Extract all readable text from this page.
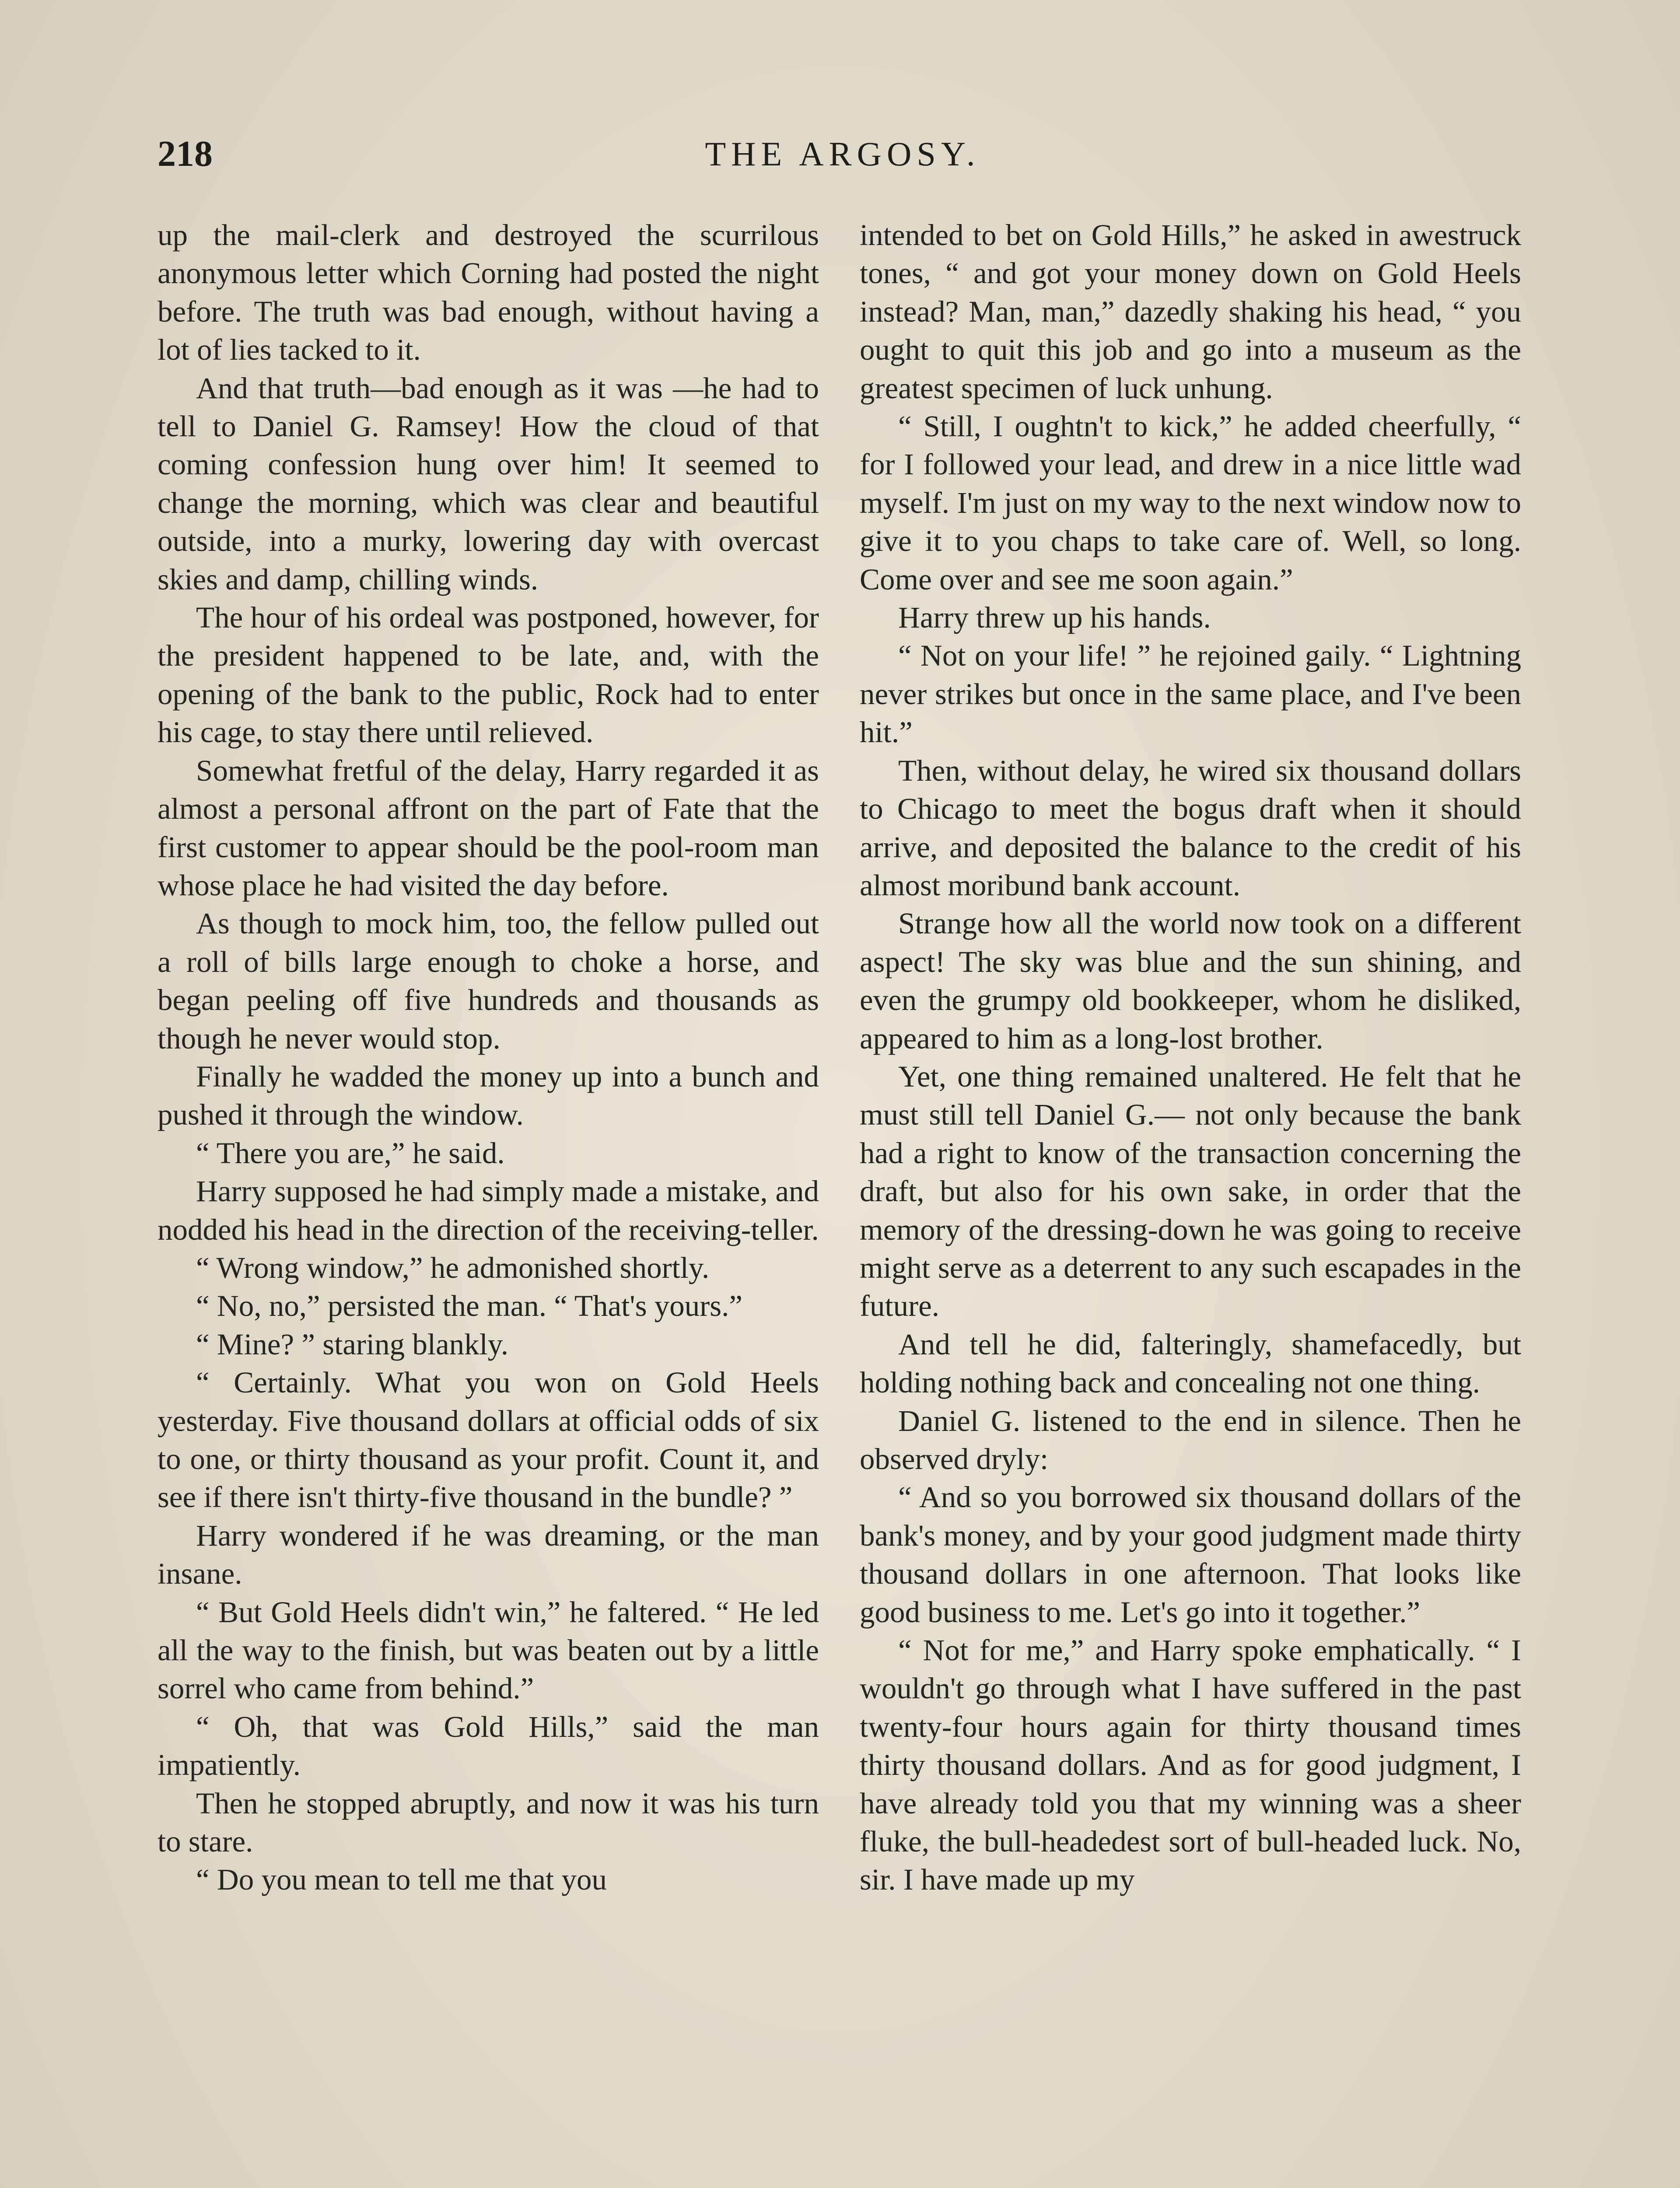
218	THE ARGOSY.

up the mail-clerk and destroyed the scurrilous anonymous letter which Corning had posted the night before. The truth was bad enough, without having a lot of lies tacked to it.

And that truth—bad enough as it was —he had to tell to Daniel G. Ramsey! How the cloud of that coming confession hung over him! It seemed to change the morning, which was clear and beautiful outside, into a murky, lowering day with overcast skies and damp, chilling winds.

The hour of his ordeal was postponed, however, for the president happened to be late, and, with the opening of the bank to the public, Rock had to enter his cage, to stay there until relieved.

Somewhat fretful of the delay, Harry regarded it as almost a personal affront on the part of Fate that the first customer to appear should be the pool-room man whose place he had visited the day before.

As though to mock him, too, the fellow pulled out a roll of bills large enough to choke a horse, and began peeling off five hundreds and thousands as though he never would stop.

Finally he wadded the money up into a bunch and pushed it through the window.

“ There you are,” he said.

Harry supposed he had simply made a mistake, and nodded his head in the direction of the receiving-teller.

“ Wrong window,” he admonished shortly.

“ No, no,” persisted the man. “ That's yours.”

“ Mine? ” staring blankly.

“ Certainly. What you won on Gold Heels yesterday. Five thousand dollars at official odds of six to one, or thirty thousand as your profit. Count it, and see if there isn't thirty-five thousand in the bundle? ”

Harry wondered if he was dreaming, or the man insane.

“ But Gold Heels didn't win,” he faltered. “ He led all the way to the finish, but was beaten out by a little sorrel who came from behind.”

“ Oh, that was Gold Hills,” said the man impatiently.

Then he stopped abruptly, and now it was his turn to stare.

“ Do you mean to tell me that you

intended to bet on Gold Hills,” he asked in awestruck tones, “ and got your money down on Gold Heels instead? Man, man,” dazedly shaking his head, “ you ought to quit this job and go into a museum as the greatest specimen of luck unhung.

“ Still, I oughtn't to kick,” he added cheerfully, “ for I followed your lead, and drew in a nice little wad myself. I'm just on my way to the next window now to give it to you chaps to take care of. Well, so long. Come over and see me soon again.”

Harry threw up his hands.

“ Not on your life! ” he rejoined gaily. “ Lightning never strikes but once in the same place, and I've been hit.”

Then, without delay, he wired six thousand dollars to Chicago to meet the bogus draft when it should arrive, and deposited the balance to the credit of his almost moribund bank account.

Strange how all the world now took on a different aspect! The sky was blue and the sun shining, and even the grumpy old bookkeeper, whom he disliked, appeared to him as a long-lost brother.

Yet, one thing remained unaltered. He felt that he must still tell Daniel G.— not only because the bank had a right to know of the transaction concerning the draft, but also for his own sake, in order that the memory of the dressing-down he was going to receive might serve as a deterrent to any such escapades in the future.

And tell he did, falteringly, shamefacedly, but holding nothing back and concealing not one thing.

Daniel G. listened to the end in silence. Then he observed dryly:

“ And so you borrowed six thousand dollars of the bank's money, and by your good judgment made thirty thousand dollars in one afternoon. That looks like good business to me. Let's go into it together.”

“ Not for me,” and Harry spoke emphatically. “ I wouldn't go through what I have suffered in the past twenty-four hours again for thirty thousand times thirty thousand dollars. And as for good judgment, I have already told you that my winning was a sheer fluke, the bull-headedest sort of bull-headed luck. No, sir. I have made up my
